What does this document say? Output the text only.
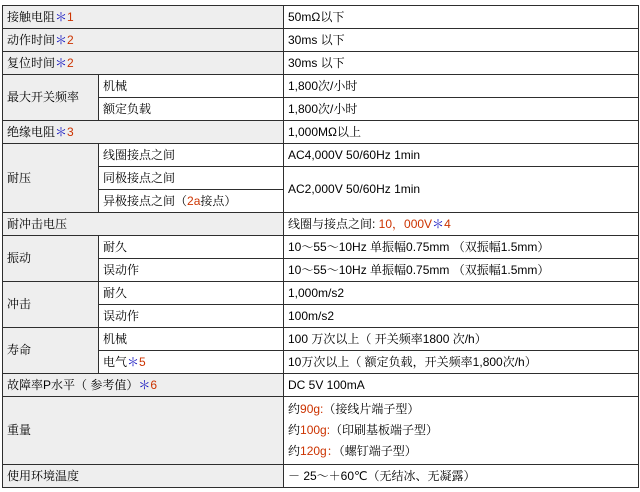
接触电阻＊1		50mΩ以下
动作时间＊2		30ms 以下
复位时间＊2		30ms 以下
最大开关频率	机械	1,800次/小时
	额定负载	1,800次/小时
绝缘电阻＊3		1,000MΩ以上
耐压	线圈接点之间	AC4,000V 50/60Hz 1min
	同极接点之间	AC2,000V 50/60Hz 1min
	异极接点之间（2a接点）	
耐冲击电压		线圈与接点之间: 10，000V＊4
振动	耐久	10～55～10Hz 单振幅0.75mm （双振幅1.5mm）
	误动作	10～55～10Hz 单振幅0.75mm （双振幅1.5mm）
冲击	耐久	1,000m/s2
	误动作	100m/s2
寿命	机械	100 万次以上（ 开关频率1800 次/h）
	电气＊5	10万次以上（ 额定负载，开关频率1,800次/h）
故障率P水平（ 参考值）＊6		DC 5V 100mA
重量		约90g:（接线片端子型）
约100g:（印刷基板端子型）
约120g：（螺钉端子型）

使用环境温度		－ 25～＋60℃（无结冰、无凝露）
